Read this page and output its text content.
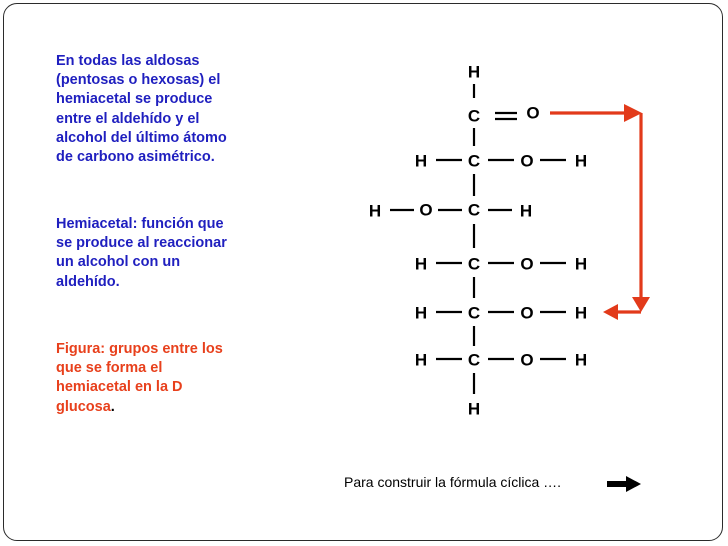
En todas las aldosas
(pentosas o hexosas) el
hemiacetal se produce
entre el aldehído y el
alcohol del último átomo
de carbono asimétrico.

Hemiacetal: función que
se produce al reaccionar
un alcohol con un
aldehído.

Figura: grupos entre los
que se forma el
hemiacetal en la D
glucosa.

H
C	O
H C O H
H O C H
H C O H
H C O H
H C O H
H
Para construir la fórmula cíclica ….
